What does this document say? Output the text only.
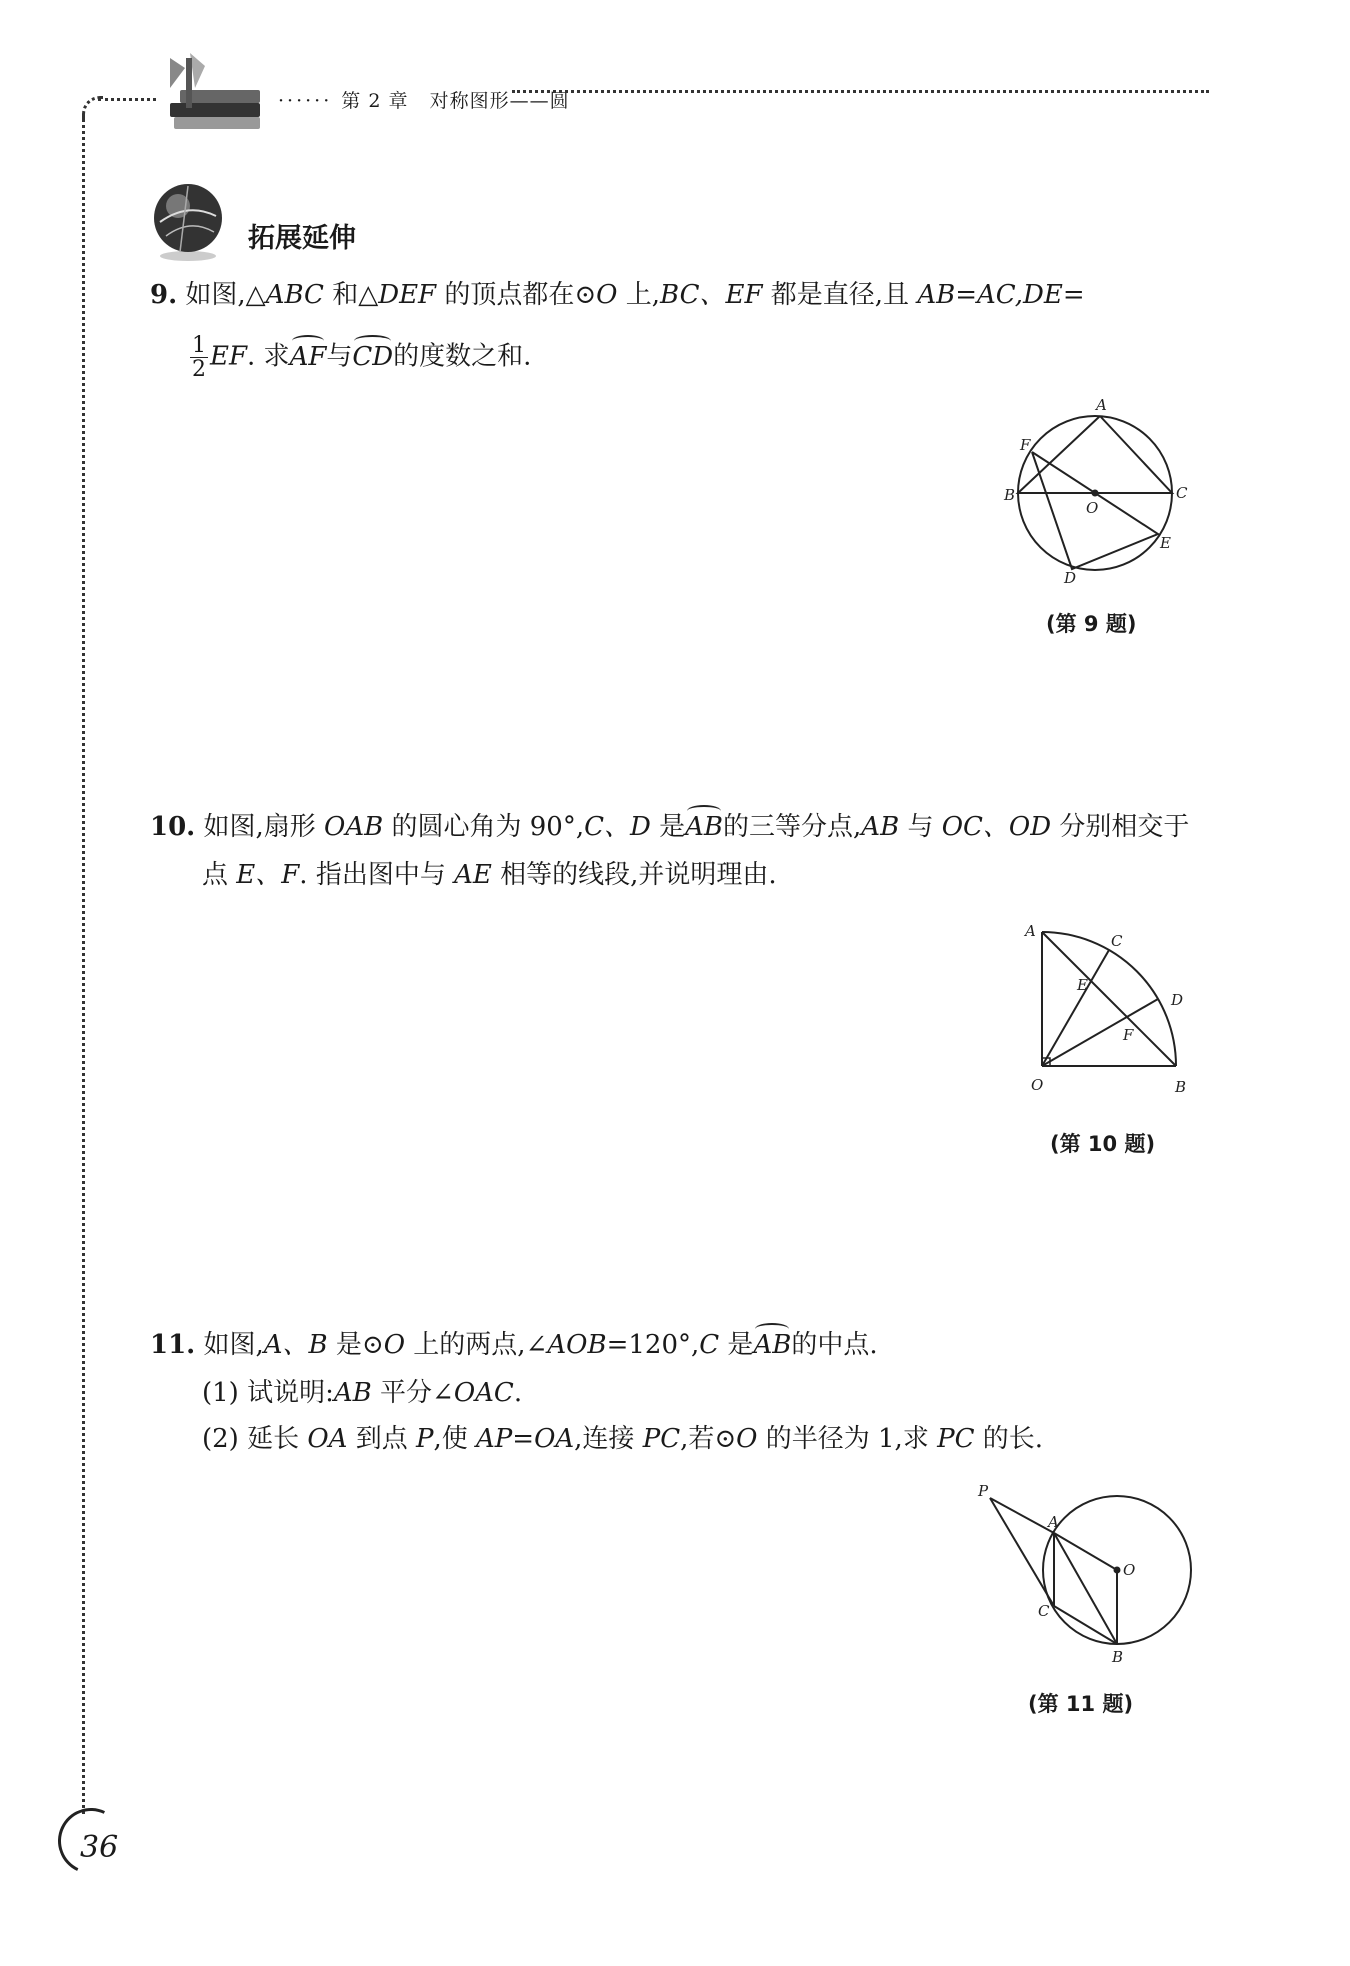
······ 第 2 章 对称图形——圆
拓展延伸
9. 如图,△ABC 和△DEF 的顶点都在⊙O 上,BC、EF 都是直径,且 AB=AC,DE=
$\frac{1}{2}$ EF. 求AF与CD的度数之和.
A
F
B	C
O
E
D
(第 9 题)
10. 如图,扇形 OAB 的圆心角为 90°,C、D 是AB的三等分点,AB 与 OC、OD 分别相交于
点 E、F. 指出图中与 AE 相等的线段,并说明理由.
A
C
E
D
F
O	B
(第 10 题)
11. 如图,A、B 是⊙O 上的两点,∠AOB=120°,C 是AB的中点.
(1) 试说明:AB 平分∠OAC.
(2) 延长 OA 到点 P,使 AP=OA,连接 PC,若⊙O 的半径为 1,求 PC 的长.
P
A
O
C
B
(第 11 题)
36
